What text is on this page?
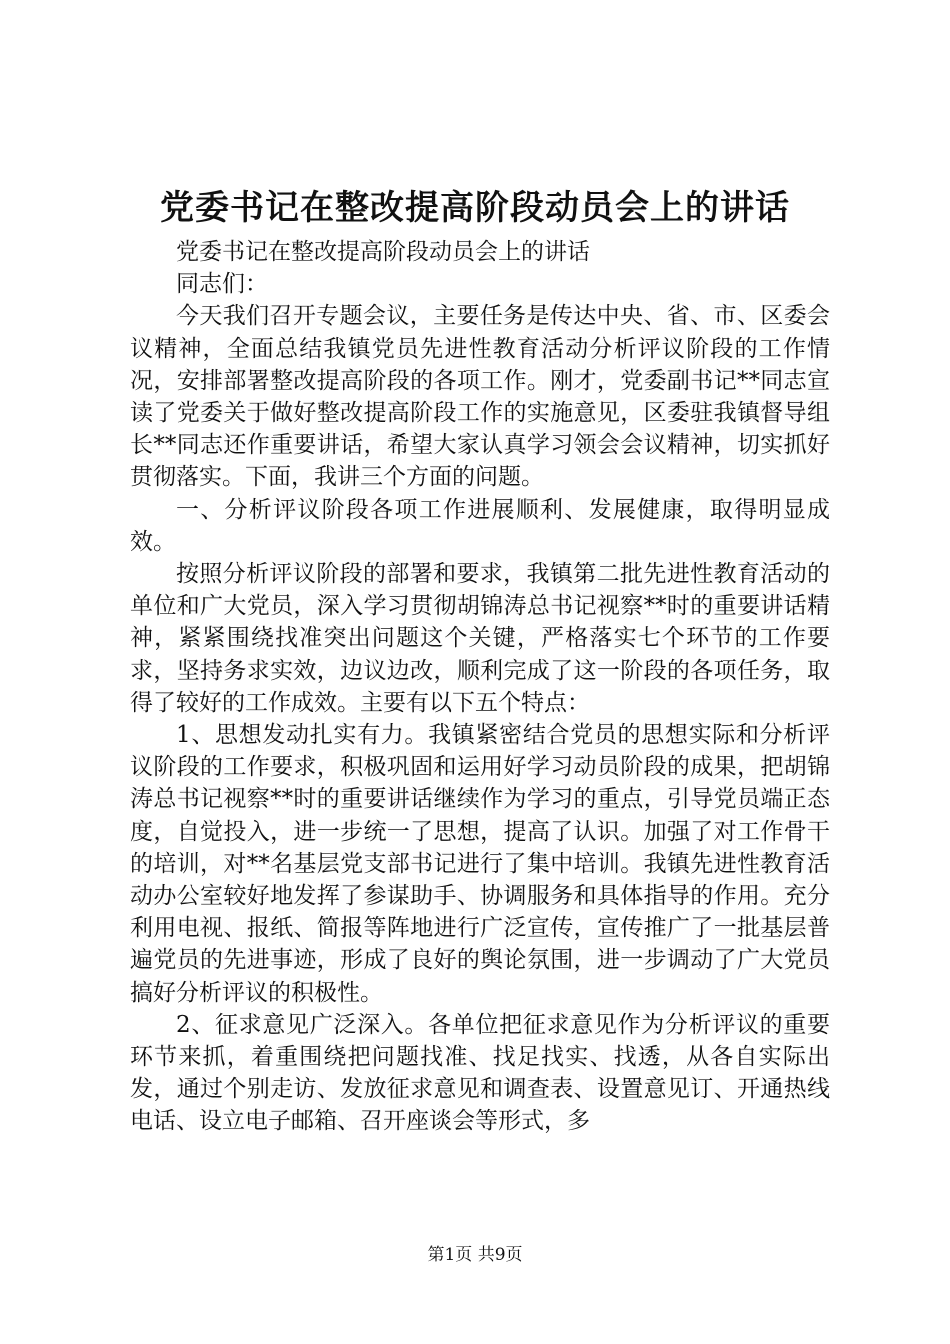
党委书记在整改提高阶段动员会上的讲话

党委书记在整改提高阶段动员会上的讲话

同志们：

今天我们召开专题会议，主要任务是传达中央、省、市、区委会议精神，全面总结我镇党员先进性教育活动分析评议阶段的工作情况，安排部署整改提高阶段的各项工作。刚才，党委副书记**同志宣读了党委关于做好整改提高阶段工作的实施意见，区委驻我镇督导组长**同志还作重要讲话，希望大家认真学习领会会议精神，切实抓好贯彻落实。下面，我讲三个方面的问题。

一、分析评议阶段各项工作进展顺利、发展健康，取得明显成效。

按照分析评议阶段的部署和要求，我镇第二批先进性教育活动的单位和广大党员，深入学习贯彻胡锦涛总书记视察**时的重要讲话精神，紧紧围绕找准突出问题这个关键，严格落实七个环节的工作要求，坚持务求实效，边议边改，顺利完成了这一阶段的各项任务，取得了较好的工作成效。主要有以下五个特点：

1、思想发动扎实有力。我镇紧密结合党员的思想实际和分析评议阶段的工作要求，积极巩固和运用好学习动员阶段的成果，把胡锦涛总书记视察**时的重要讲话继续作为学习的重点，引导党员端正态度，自觉投入，进一步统一了思想，提高了认识。加强了对工作骨干的培训，对**名基层党支部书记进行了集中培训。我镇先进性教育活动办公室较好地发挥了参谋助手、协调服务和具体指导的作用。充分利用电视、报纸、简报等阵地进行广泛宣传，宣传推广了一批基层普遍党员的先进事迹，形成了良好的舆论氛围，进一步调动了广大党员搞好分析评议的积极性。

2、征求意见广泛深入。各单位把征求意见作为分析评议的重要环节来抓，着重围绕把问题找准、找足找实、找透，从各自实际出发，通过个别走访、发放征求意见和调查表、设置意见订、开通热线电话、设立电子邮箱、召开座谈会等形式，多

第1页 共9页
